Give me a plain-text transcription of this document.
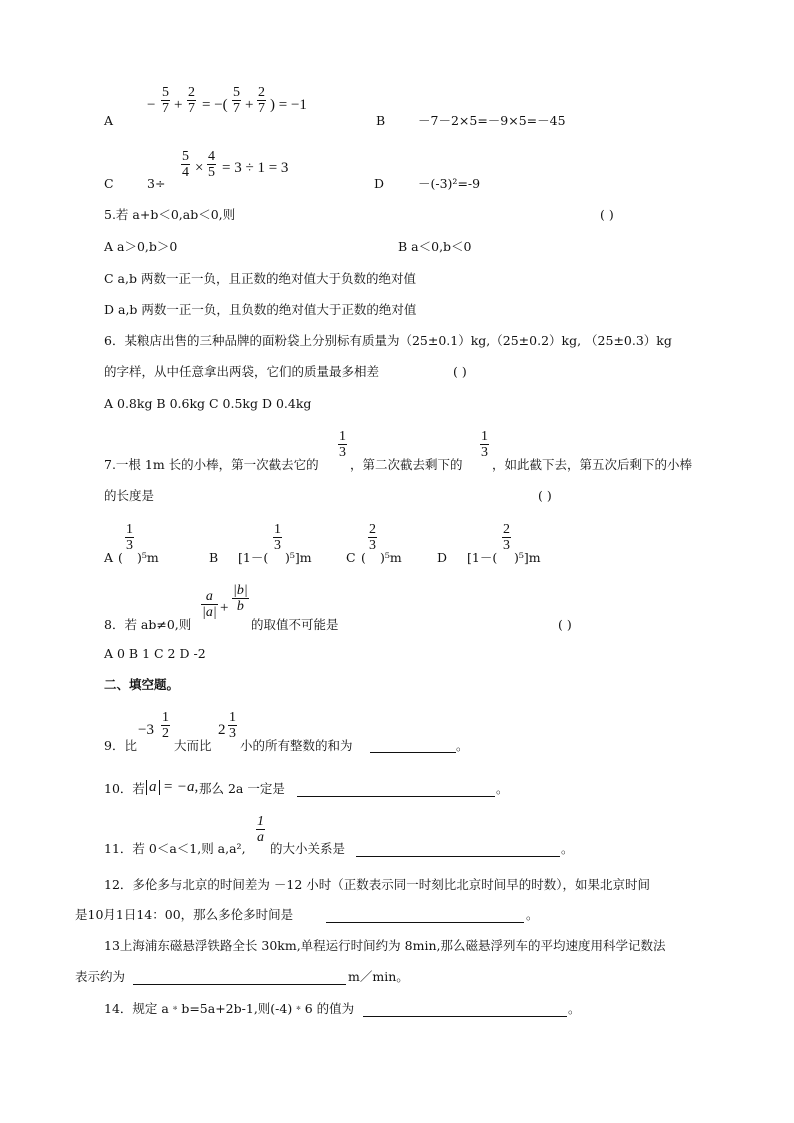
A
− $\frac{5}{7} + \frac{2}{7}$ = −( $\frac{5}{7} + \frac{2}{7}$ ) = −1
B	－7－2×5=－9×5=－45
C	3÷
$\frac{5}{4} \times \frac{4}{5} = 3 \div 1 = 3$
D	－(-3)²=-9
5.若 a+b＜0,ab＜0,则	( )
A a＞0,b＞0	B a＜0,b＜0
C a,b 两数一正一负，且正数的绝对值大于负数的绝对值
D a,b 两数一正一负，且负数的绝对值大于正数的绝对值
6．某粮店出售的三种品牌的面粉袋上分别标有质量为（25±0.1）kg,（25±0.2）kg, （25±0.3）kg
的字样，从中任意拿出两袋，它们的质量最多相差	( )
A 0.8kg B 0.6kg C 0.5kg D 0.4kg
7.一根 1m 长的小棒，第一次截去它的
$\frac{1}{3}$
，第二次截去剩下的
$\frac{1}{3}$
，如此截下去，第五次后剩下的小棒
的长度是	( )
A (
$\frac{1}{3}$
)⁵m	B [1－(
$\frac{1}{3}$
)⁵]m	C (
$\frac{2}{3}$
)⁵m	D [1－(
$\frac{2}{3}$
)⁵]m
8．若 ab≠0,则
$\frac{a}{|a|} + \frac{|b|}{b}$
的取值不可能是	( )
A 0 B 1 C 2 D -2
二、填空题。
9．比
$-3 \frac{1}{2}$
大而比
$2 \frac{1}{3}$
小的所有整数的和为	。
10．若 a = −a, 那么 2a 一定是	。
11．若 0＜a＜1,则 a,a²,
$\frac{1}{a}$
的大小关系是	。
12．多伦多与北京的时间差为 －12 小时（正数表示同一时刻比北京时间早的时数），如果北京时间
是10月1日14：00，那么多伦多时间是	。
13上海浦东磁悬浮铁路全长 30km,单程运行时间约为 8min,那么磁悬浮列车的平均速度用科学记数法
表示约为	m／min。
14．规定 a﹡b=5a+2b-1,则(-4)﹡6 的值为	。
